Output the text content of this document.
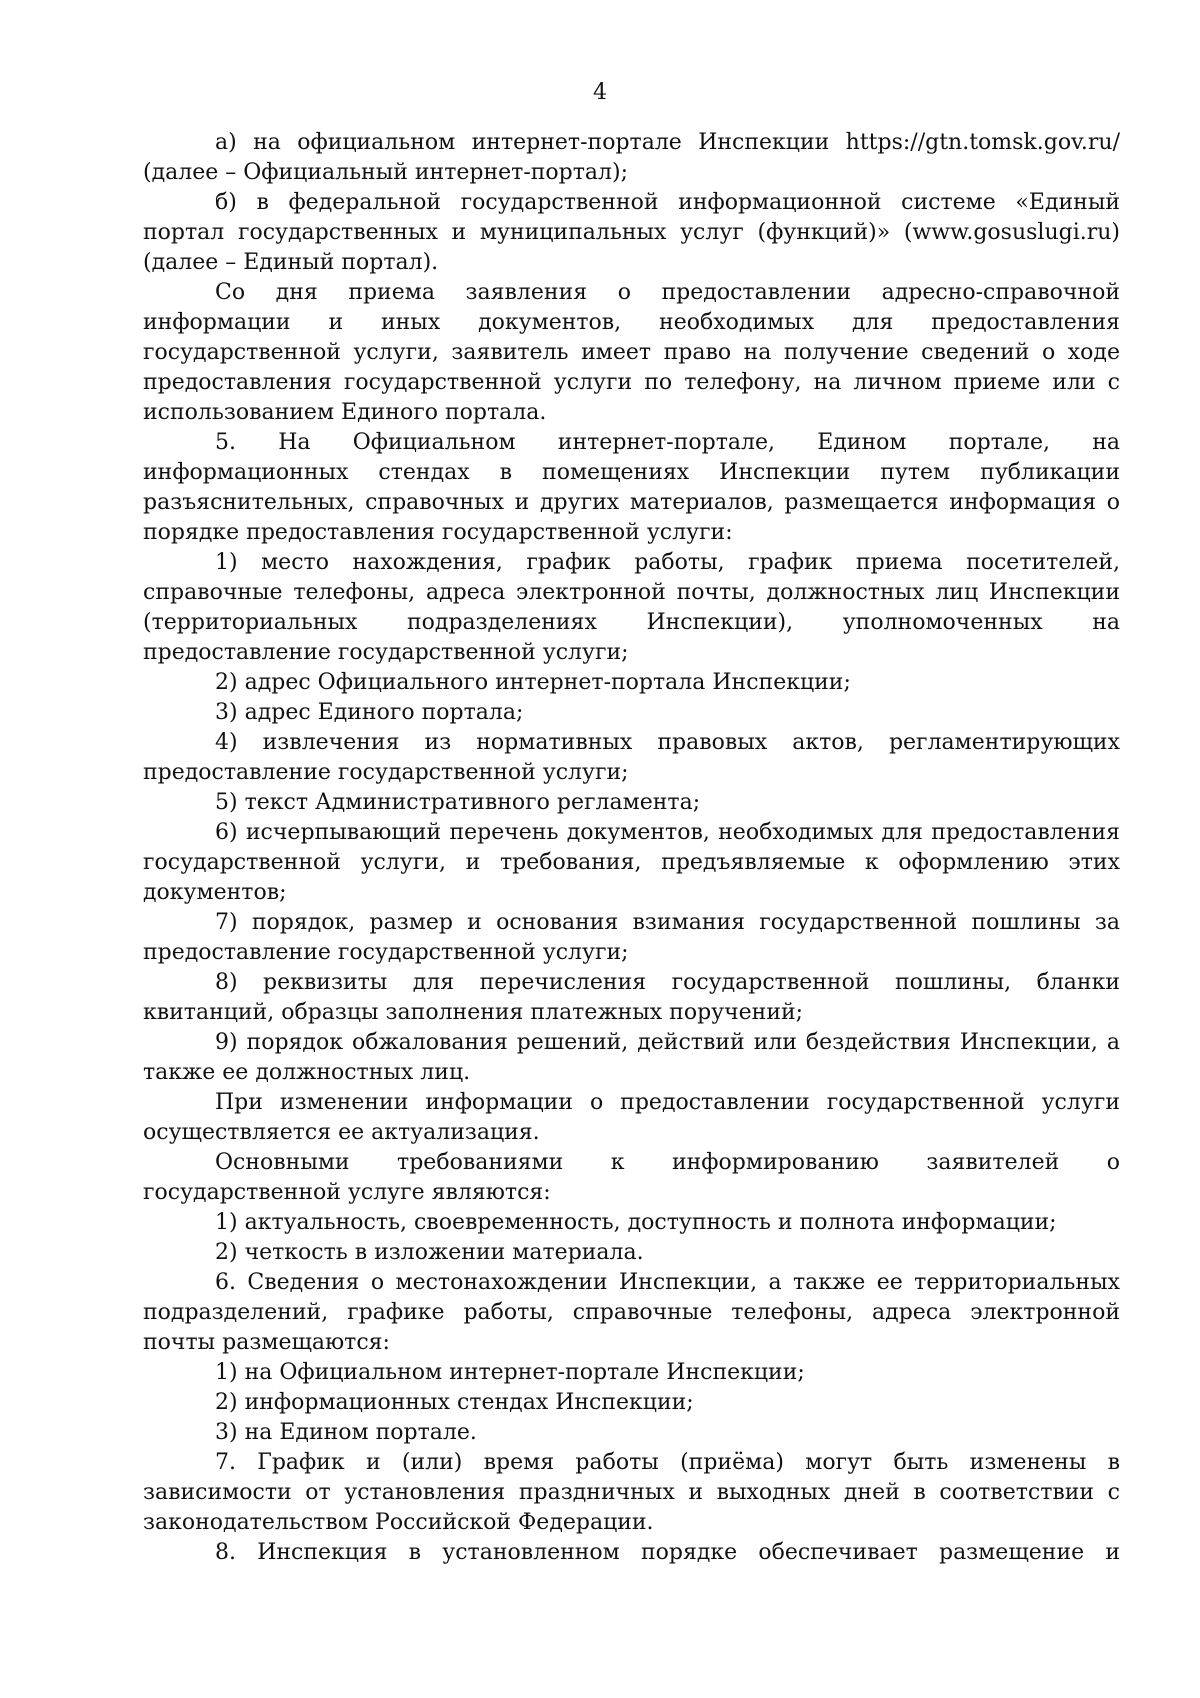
4

а) на официальном интернет-портале Инспекции https://gtn.tomsk.gov.ru/ (далее – Официальный интернет-портал);

б) в федеральной государственной информационной системе «Единый портал государственных и муниципальных услуг (функций)» (www.gosuslugi.ru) (далее – Единый портал).

Со дня приема заявления о предоставлении адресно-справочной информации и иных документов, необходимых для предоставления государственной услуги, заявитель имеет право на получение сведений о ходе предоставления государственной услуги по телефону, на личном приеме или с использованием Единого портала.

5. На Официальном интернет-портале, Едином портале, на информационных стендах в помещениях Инспекции путем публикации разъяснительных, справочных и других материалов, размещается информация о порядке предоставления государственной услуги:

1) место нахождения, график работы, график приема посетителей, справочные телефоны, адреса электронной почты, должностных лиц Инспекции (территориальных подразделениях Инспекции), уполномоченных на предоставление государственной услуги;

2) адрес Официального интернет-портала Инспекции;

3) адрес Единого портала;

4) извлечения из нормативных правовых актов, регламентирующих предоставление государственной услуги;

5) текст Административного регламента;

6) исчерпывающий перечень документов, необходимых для предоставления государственной услуги, и требования, предъявляемые к оформлению этих документов;

7) порядок, размер и основания взимания государственной пошлины за предоставление государственной услуги;

8) реквизиты для перечисления государственной пошлины, бланки квитанций, образцы заполнения платежных поручений;

9) порядок обжалования решений, действий или бездействия Инспекции, а также ее должностных лиц.

При изменении информации о предоставлении государственной услуги осуществляется ее актуализация.

Основными требованиями к информированию заявителей о государственной услуге являются:

1) актуальность, своевременность, доступность и полнота информации;

2) четкость в изложении материала.

6. Сведения о местонахождении Инспекции, а также ее территориальных подразделений, графике работы, справочные телефоны, адреса электронной почты размещаются:

1) на Официальном интернет-портале Инспекции;

2) информационных стендах Инспекции;

3) на Едином портале.

7. График и (или) время работы (приёма) могут быть изменены в зависимости от установления праздничных и выходных дней в соответствии с законодательством Российской Федерации.

8. Инспекция в установленном порядке обеспечивает размещение и
